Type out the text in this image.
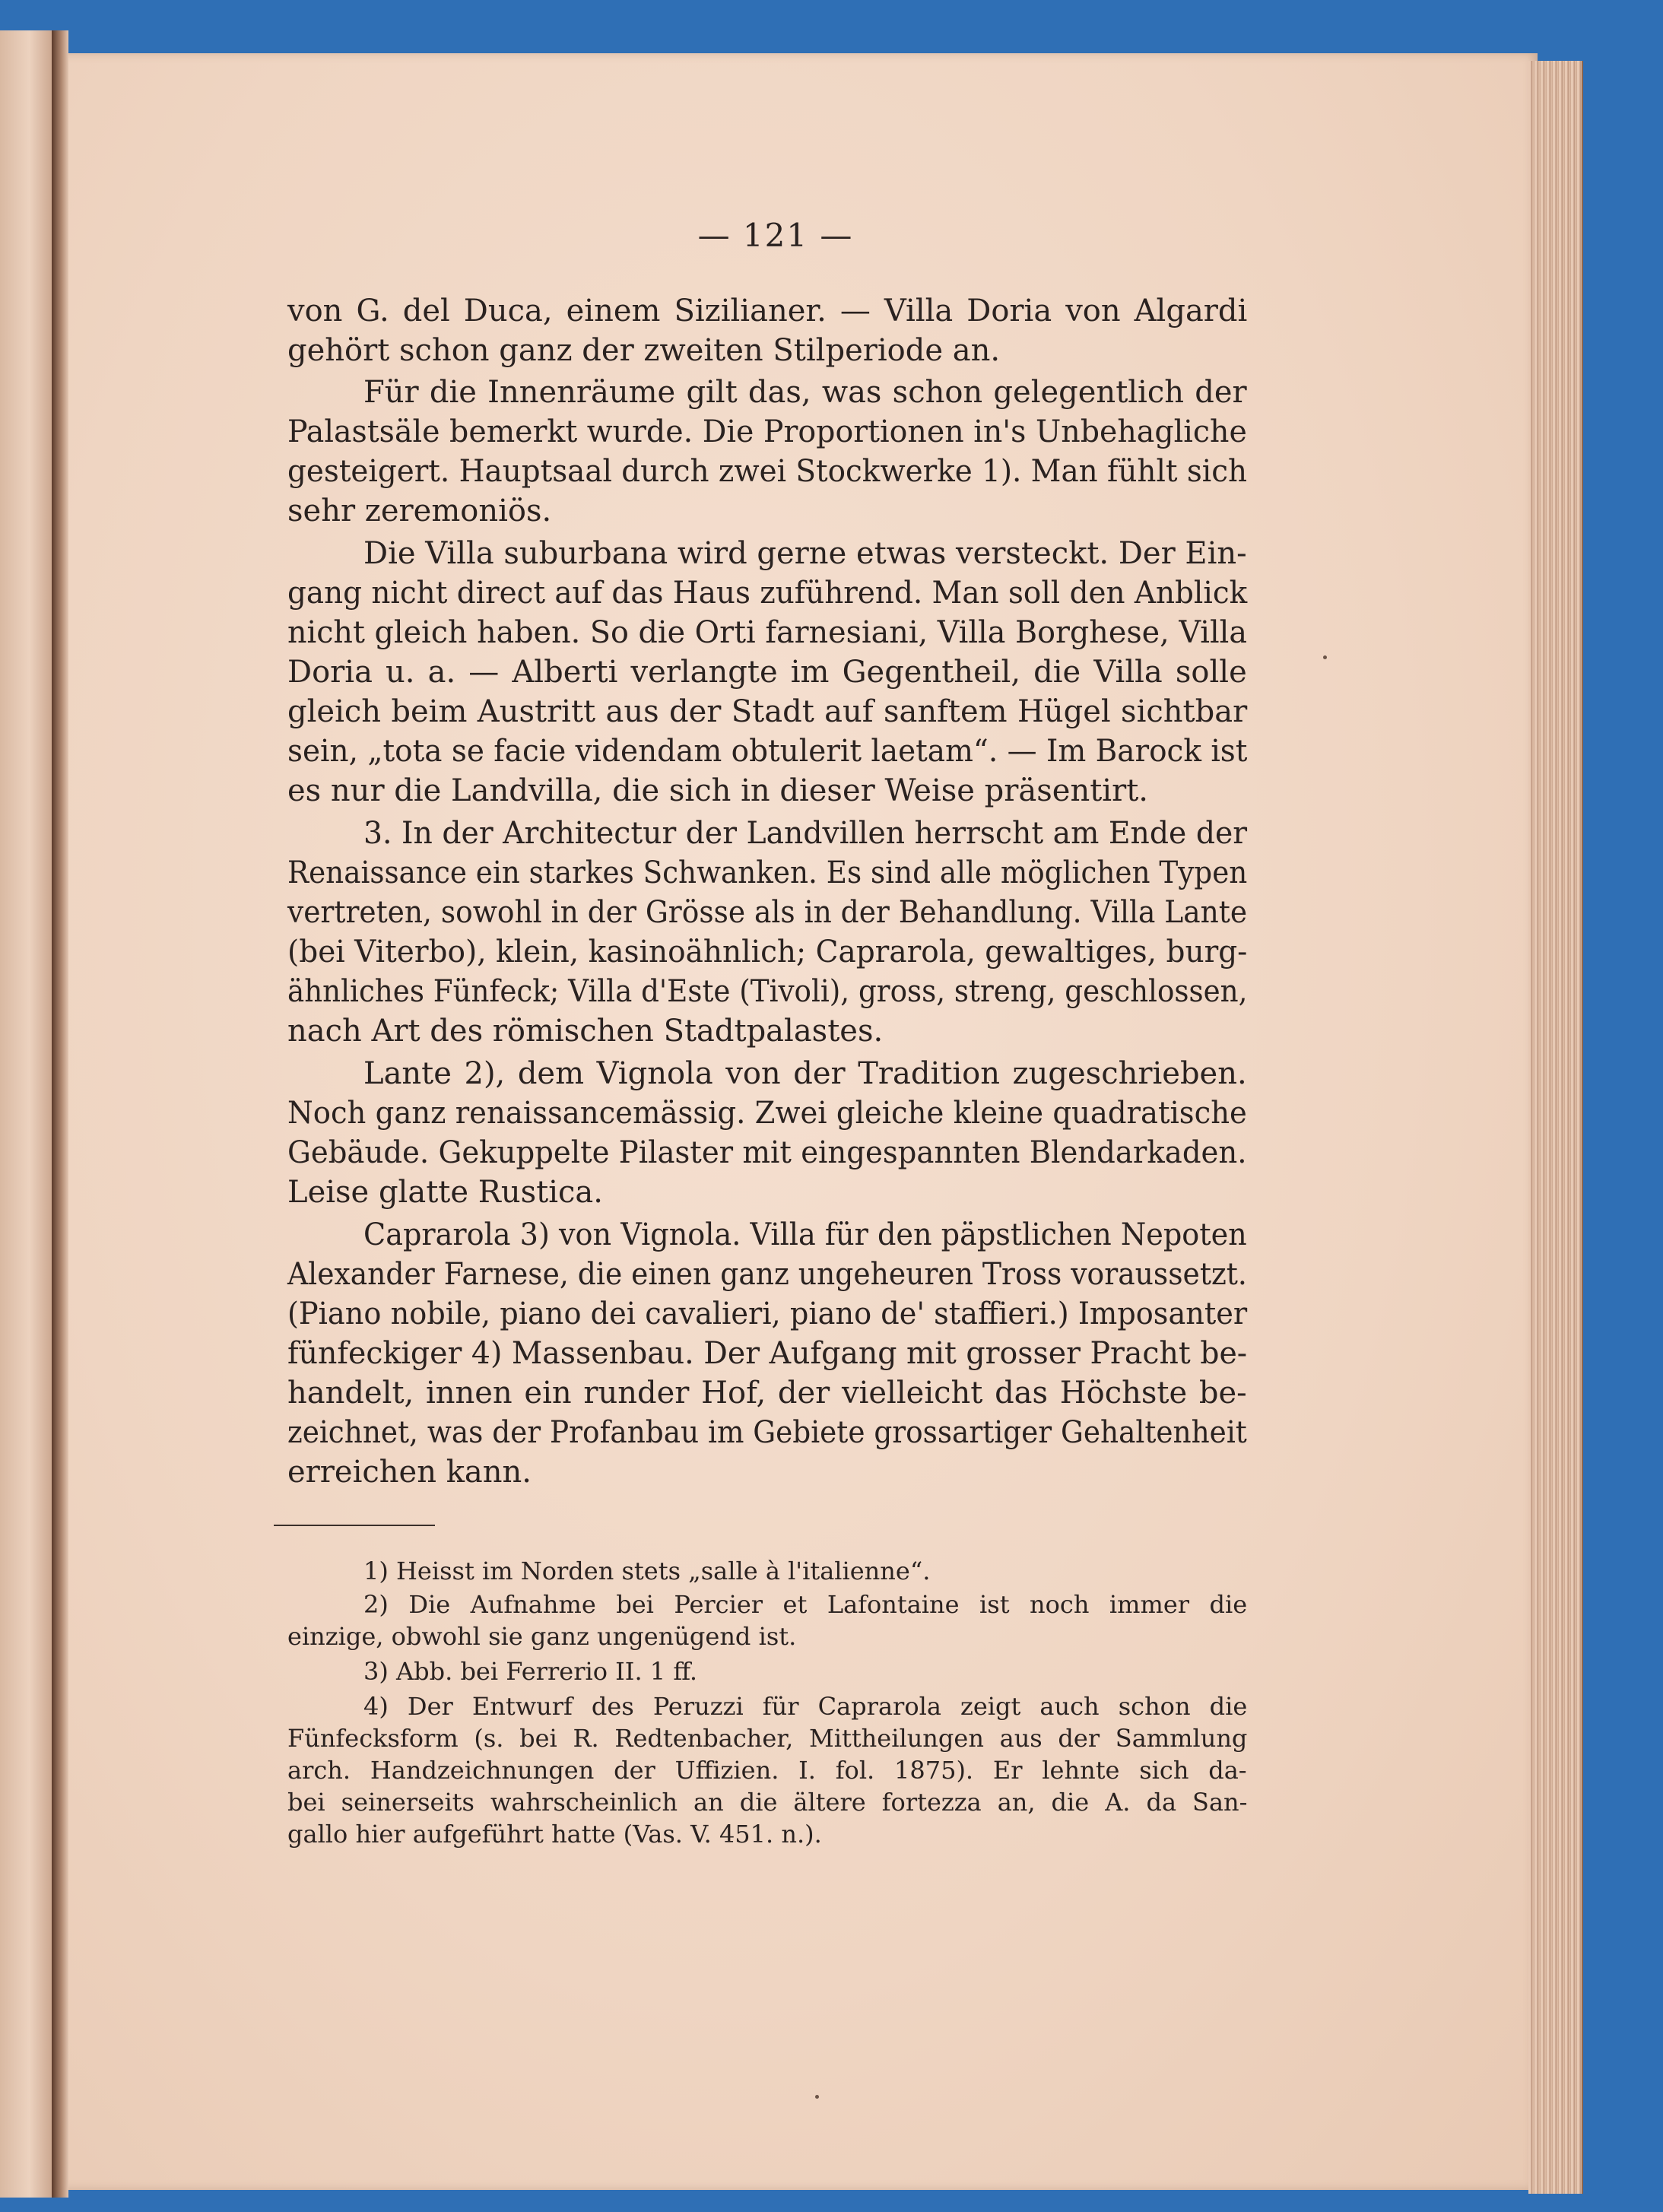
— 121 —
von G. del Duca, einem Sizilianer. — Villa Doria von Algardi
gehört schon ganz der zweiten Stilperiode an.
Für die Innenräume gilt das, was schon gelegentlich der
Palastsäle bemerkt wurde. Die Proportionen in's Unbehagliche
gesteigert. Hauptsaal durch zwei Stockwerke 1). Man fühlt sich
sehr zeremoniös.
Die Villa suburbana wird gerne etwas versteckt. Der Ein-
gang nicht direct auf das Haus zuführend. Man soll den Anblick
nicht gleich haben. So die Orti farnesiani, Villa Borghese, Villa
Doria u. a. — Alberti verlangte im Gegentheil, die Villa solle
gleich beim Austritt aus der Stadt auf sanftem Hügel sichtbar
sein, „tota se facie videndam obtulerit laetam“. — Im Barock ist
es nur die Landvilla, die sich in dieser Weise präsentirt.
3. In der Architectur der Landvillen herrscht am Ende der
Renaissance ein starkes Schwanken. Es sind alle möglichen Typen
vertreten, sowohl in der Grösse als in der Behandlung. Villa Lante
(bei Viterbo), klein, kasinoähnlich; Caprarola, gewaltiges, burg-
ähnliches Fünfeck; Villa d'Este (Tivoli), gross, streng, geschlossen,
nach Art des römischen Stadtpalastes.
Lante 2), dem Vignola von der Tradition zugeschrieben.
Noch ganz renaissancemässig. Zwei gleiche kleine quadratische
Gebäude. Gekuppelte Pilaster mit eingespannten Blendarkaden.
Leise glatte Rustica.
Caprarola 3) von Vignola. Villa für den päpstlichen Nepoten
Alexander Farnese, die einen ganz ungeheuren Tross voraussetzt.
(Piano nobile, piano dei cavalieri, piano de' staffieri.) Imposanter
fünfeckiger 4) Massenbau. Der Aufgang mit grosser Pracht be-
handelt, innen ein runder Hof, der vielleicht das Höchste be-
zeichnet, was der Profanbau im Gebiete grossartiger Gehaltenheit
erreichen kann.
1) Heisst im Norden stets „salle à l'italienne“.
2) Die Aufnahme bei Percier et Lafontaine ist noch immer die
einzige, obwohl sie ganz ungenügend ist.
3) Abb. bei Ferrerio II. 1 ff.
4) Der Entwurf des Peruzzi für Caprarola zeigt auch schon die
Fünfecksform (s. bei R. Redtenbacher, Mittheilungen aus der Sammlung
arch. Handzeichnungen der Uffizien. I. fol. 1875). Er lehnte sich da-
bei seinerseits wahrscheinlich an die ältere fortezza an, die A. da San-
gallo hier aufgeführt hatte (Vas. V. 451. n.).
